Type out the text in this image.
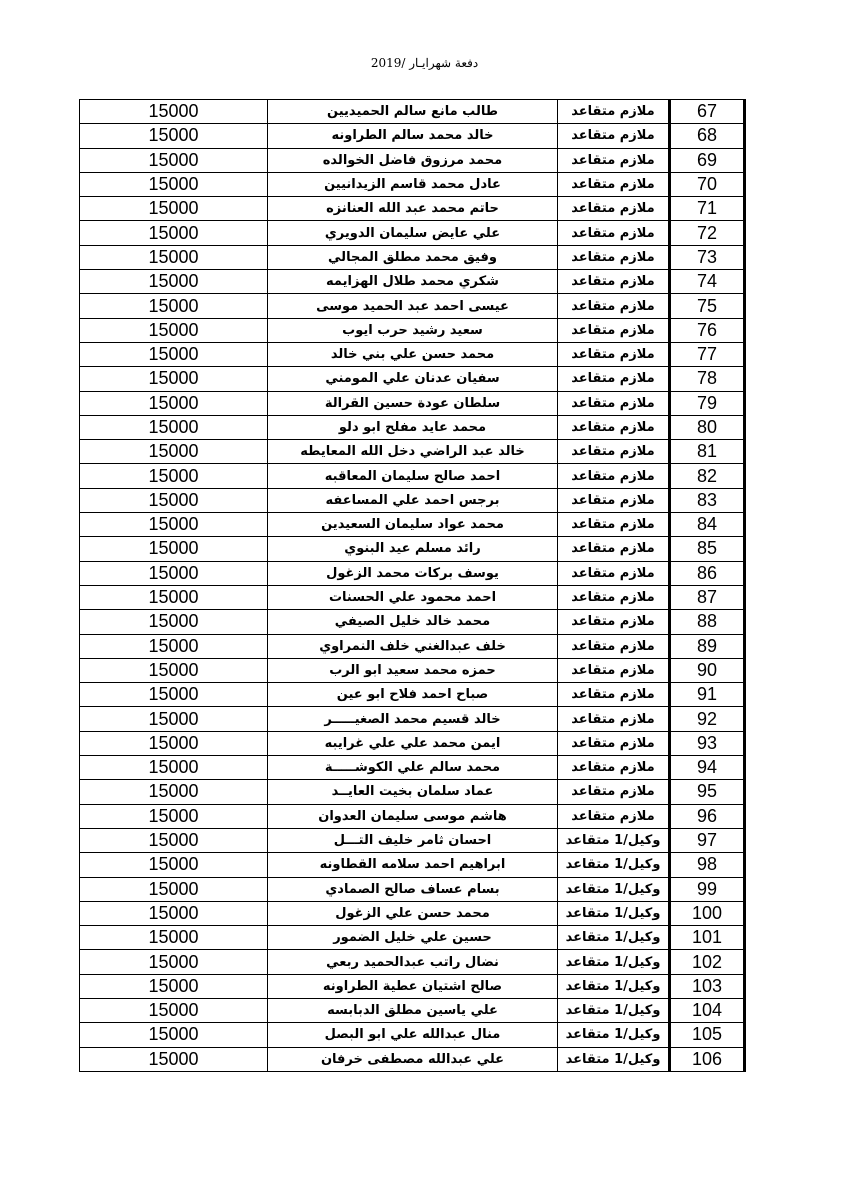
دفعة شهرايـار /2019
67	ملازم متقاعد	طالب مانع سالم الحميديين	15000
68	ملازم متقاعد	خالد محمد سالم الطراونه	15000
69	ملازم متقاعد	محمد مرزوق فاضل الخوالده	15000
70	ملازم متقاعد	عادل محمد قاسم الزيدانيين	15000
71	ملازم متقاعد	حاتم محمد عبد الله العنانزه	15000
72	ملازم متقاعد	علي عايض سليمان الدويري	15000
73	ملازم متقاعد	وفيق محمد مطلق المجالي	15000
74	ملازم متقاعد	شكري محمد طلال الهزايمه	15000
75	ملازم متقاعد	عيسى احمد عبد الحميد موسى	15000
76	ملازم متقاعد	سعيد رشيد حرب ايوب	15000
77	ملازم متقاعد	محمد حسن علي بني خالد	15000
78	ملازم متقاعد	سفيان عدنان علي المومني	15000
79	ملازم متقاعد	سلطان عودة حسين القرالة	15000
80	ملازم متقاعد	محمد عايد مفلح ابو دلو	15000
81	ملازم متقاعد	خالد عبد الراضي دخل الله المعايطه	15000
82	ملازم متقاعد	احمد صالح سليمان المعاقبه	15000
83	ملازم متقاعد	برجس احمد علي المساعفه	15000
84	ملازم متقاعد	محمد عواد سليمان السعيدين	15000
85	ملازم متقاعد	رائد مسلم عيد البنوي	15000
86	ملازم متقاعد	يوسف بركات محمد الزغول	15000
87	ملازم متقاعد	احمد محمود علي الحسنات	15000
88	ملازم متقاعد	محمد خالد خليل الصيفي	15000
89	ملازم متقاعد	خلف عبدالغني خلف النمراوي	15000
90	ملازم متقاعد	حمزه محمد سعيد ابو الرب	15000
91	ملازم متقاعد	صباح احمد فلاح ابو عين	15000
92	ملازم متقاعد	خالد قسيم محمد الصغيـــــر	15000
93	ملازم متقاعد	ايمن محمد علي علي غرايبه	15000
94	ملازم متقاعد	محمد سالم علي الكوشـــــة	15000
95	ملازم متقاعد	عماد سلمان بخيت العايــد	15000
96	ملازم متقاعد	هاشم موسى سليمان العدوان	15000
97	وكيل/1 متقاعد	احسان ثامر خليف التـــل	15000
98	وكيل/1 متقاعد	ابراهيم احمد سلامه القطاونه	15000
99	وكيل/1 متقاعد	بسام عساف صالح الصمادي	15000
100	وكيل/1 متقاعد	محمد حسن علي الزغول	15000
101	وكيل/1 متقاعد	حسين علي خليل الضمور	15000
102	وكيل/1 متقاعد	نضال راتب عبدالحميد ربعي	15000
103	وكيل/1 متقاعد	صالح اشتيان عطية الطراونه	15000
104	وكيل/1 متقاعد	علي ياسين مطلق الدبابسه	15000
105	وكيل/1 متقاعد	منال عبدالله علي ابو البصل	15000
106	وكيل/1 متقاعد	علي عبدالله مصطفى خرفان	15000
